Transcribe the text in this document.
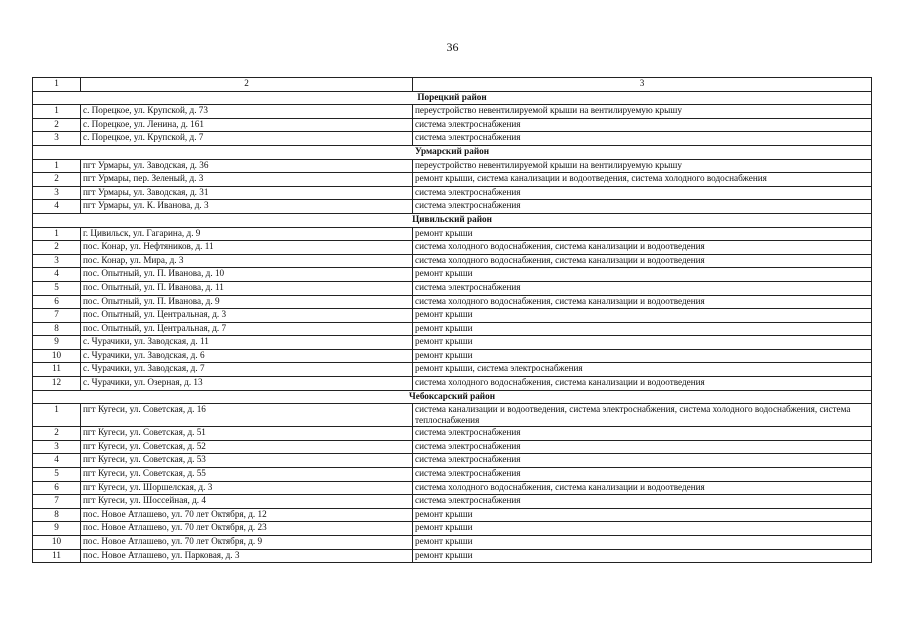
36
1	2	3
Порецкий район		
1	с. Порецкое, ул. Крупской, д. 73	переустройство невентилируемой крыши на вентилируемую крышу
2	с. Порецкое, ул. Ленина, д. 161	система электроснабжения
3	с. Порецкое, ул. Крупской, д. 7	система электроснабжения
Урмарский район		
1	пгт Урмары, ул. Заводская, д. 36	переустройство невентилируемой крыши на вентилируемую крышу
2	пгт Урмары, пер. Зеленый, д. 3	ремонт крыши, система канализации и водоотведения, система холодного водоснабжения
3	пгт Урмары, ул. Заводская, д. 31	система электроснабжения
4	пгт Урмары, ул. К. Иванова, д. 3	система электроснабжения
Цивильский район		
1	г. Цивильск, ул. Гагарина, д. 9	ремонт крыши
2	пос. Конар, ул. Нефтяников, д. 11	система холодного водоснабжения, система канализации и водоотведения
3	пос. Конар, ул. Мира, д. 3	система холодного водоснабжения, система канализации и водоотведения
4	пос. Опытный, ул. П. Иванова, д. 10	ремонт крыши
5	пос. Опытный, ул. П. Иванова, д. 11	система электроснабжения
6	пос. Опытный, ул. П. Иванова, д. 9	система холодного водоснабжения, система канализации и водоотведения
7	пос. Опытный, ул. Центральная, д. 3	ремонт крыши
8	пос. Опытный, ул. Центральная, д. 7	ремонт крыши
9	с. Чурачики, ул. Заводская, д. 11	ремонт крыши
10	с. Чурачики, ул. Заводская, д. 6	ремонт крыши
11	с. Чурачики, ул. Заводская, д. 7	ремонт крыши, система электроснабжения
12	с. Чурачики, ул. Озерная, д. 13	система холодного водоснабжения, система канализации и водоотведения
Чебоксарский район		
1	пгт Кугеси, ул. Советская, д. 16	система канализации и водоотведения, система электроснабжения, система холодного водоснабжения, система теплоснабжения
2	пгт Кугеси, ул. Советская, д. 51	система электроснабжения
3	пгт Кугеси, ул. Советская, д. 52	система электроснабжения
4	пгт Кугеси, ул. Советская, д. 53	система электроснабжения
5	пгт Кугеси, ул. Советская, д. 55	система электроснабжения
6	пгт Кугеси, ул. Шоршелская, д. 3	система холодного водоснабжения, система канализации и водоотведения
7	пгт Кугеси, ул. Шоссейная, д. 4	система электроснабжения
8	пос. Новое Атлашево, ул. 70 лет Октября, д. 12	ремонт крыши
9	пос. Новое Атлашево, ул. 70 лет Октября, д. 23	ремонт крыши
10	пос. Новое Атлашево, ул. 70 лет Октября, д. 9	ремонт крыши
11	пос. Новое Атлашево, ул. Парковая, д. 3	ремонт крыши
